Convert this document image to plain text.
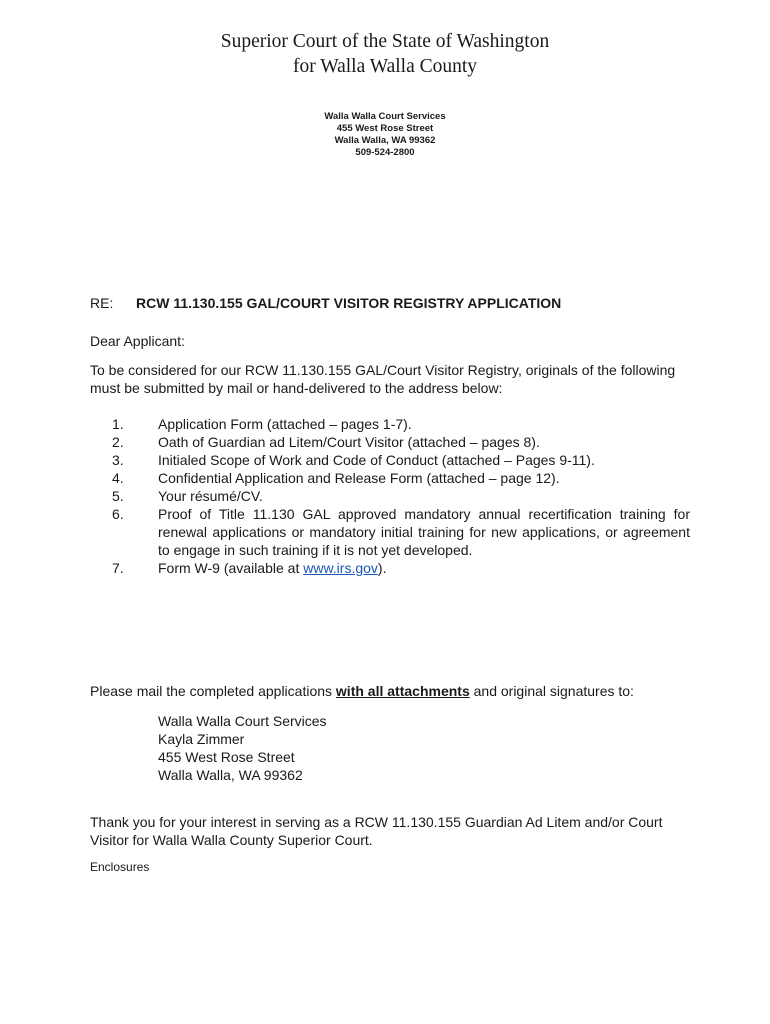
Superior Court of the State of Washington
for Walla Walla County
Walla Walla Court Services
455 West Rose Street
Walla Walla, WA 99362
509-524-2800
RE: RCW 11.130.155 GAL/COURT VISITOR REGISTRY APPLICATION
Dear Applicant:
To be considered for our RCW 11.130.155 GAL/Court Visitor Registry, originals of the following must be submitted by mail or hand-delivered to the address below:
1. Application Form (attached – pages 1-7).
2. Oath of Guardian ad Litem/Court Visitor (attached – pages 8).
3. Initialed Scope of Work and Code of Conduct (attached – Pages 9-11).
4. Confidential Application and Release Form (attached – page 12).
5. Your résumé/CV.
6. Proof of Title 11.130 GAL approved mandatory annual recertification training for renewal applications or mandatory initial training for new applications, or agreement to engage in such training if it is not yet developed.
7. Form W-9 (available at www.irs.gov).
Please mail the completed applications with all attachments and original signatures to:
Walla Walla Court Services
Kayla Zimmer
455 West Rose Street
Walla Walla, WA 99362
Thank you for your interest in serving as a RCW 11.130.155 Guardian Ad Litem and/or Court Visitor for Walla Walla County Superior Court.
Enclosures
